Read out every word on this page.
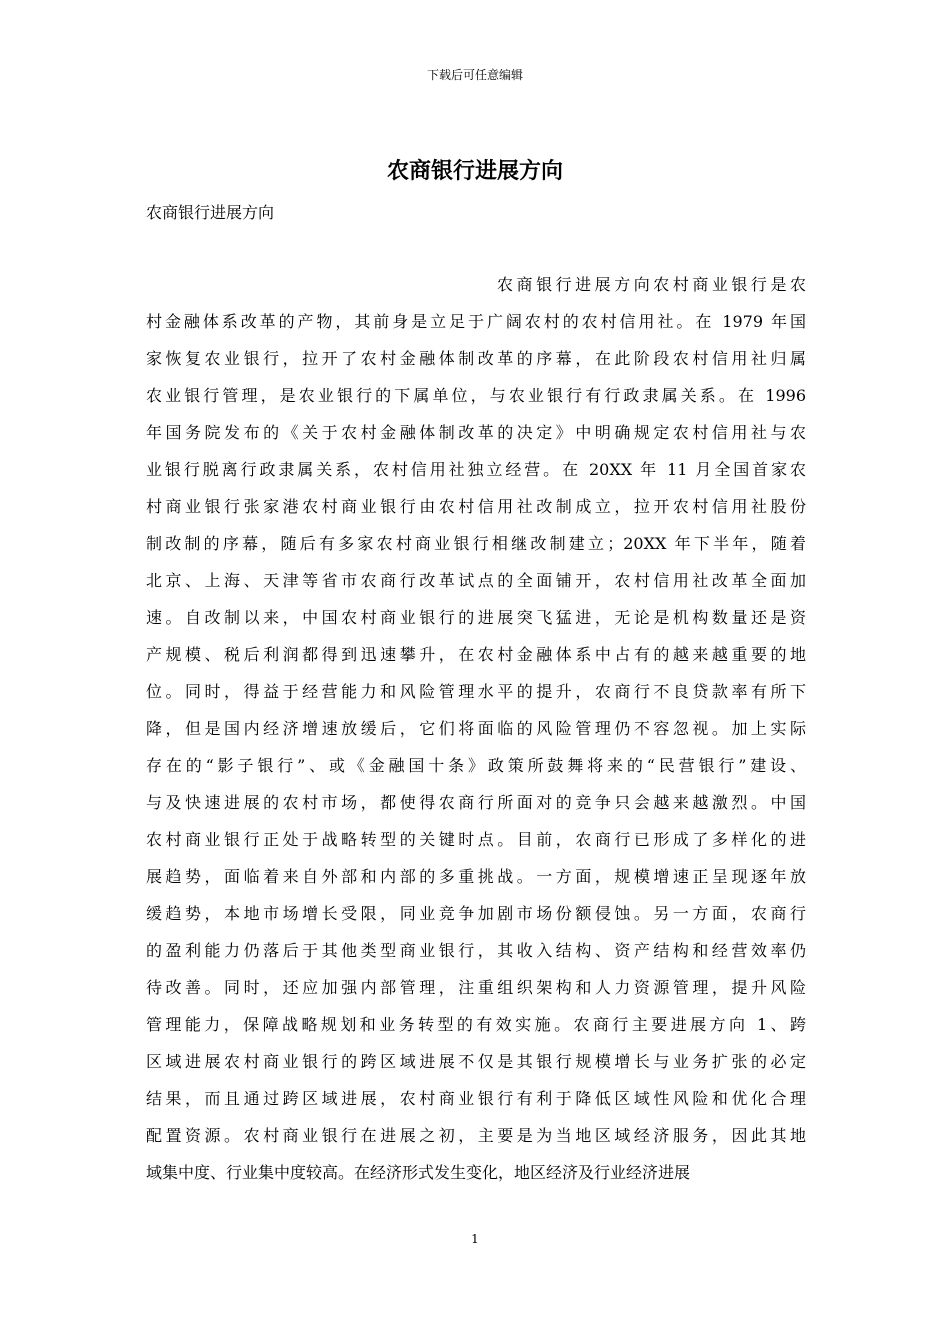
下载后可任意编辑
农商银行进展方向

农商银行进展方向

农商银行进展方向农村商业银行是农
村金融体系改革的产物，其前身是立足于广阔农村的农村信用社。在 1979 年国
家恢复农业银行，拉开了农村金融体制改革的序幕，在此阶段农村信用社归属
农业银行管理，是农业银行的下属单位，与农业银行有行政隶属关系。在 1996
年国务院发布的《关于农村金融体制改革的决定》中明确规定农村信用社与农
业银行脱离行政隶属关系，农村信用社独立经营。在 20XX 年 11 月全国首家农
村商业银行张家港农村商业银行由农村信用社改制成立，拉开农村信用社股份
制改制的序幕，随后有多家农村商业银行相继改制建立；20XX 年下半年，随着
北京、上海、天津等省市农商行改革试点的全面铺开，农村信用社改革全面加
速。自改制以来，中国农村商业银行的进展突飞猛进，无论是机构数量还是资
产规模、税后利润都得到迅速攀升，在农村金融体系中占有的越来越重要的地
位。同时，得益于经营能力和风险管理水平的提升，农商行不良贷款率有所下
降，但是国内经济增速放缓后，它们将面临的风险管理仍不容忽视。加上实际
存在的“影子银行”、或《金融国十条》政策所鼓舞将来的“民营银行”建设、
与及快速进展的农村市场，都使得农商行所面对的竞争只会越来越激烈。中国
农村商业银行正处于战略转型的关键时点。目前，农商行已形成了多样化的进
展趋势，面临着来自外部和内部的多重挑战。一方面，规模增速正呈现逐年放
缓趋势，本地市场增长受限，同业竞争加剧市场份额侵蚀。另一方面，农商行
的盈利能力仍落后于其他类型商业银行，其收入结构、资产结构和经营效率仍
待改善。同时，还应加强内部管理，注重组织架构和人力资源管理，提升风险
管理能力，保障战略规划和业务转型的有效实施。农商行主要进展方向 1、跨
区域进展农村商业银行的跨区域进展不仅是其银行规模增长与业务扩张的必定
结果，而且通过跨区域进展，农村商业银行有利于降低区域性风险和优化合理
配置资源。农村商业银行在进展之初，主要是为当地区域经济服务，因此其地
域集中度、行业集中度较高。在经济形式发生变化，地区经济及行业经济进展
1
